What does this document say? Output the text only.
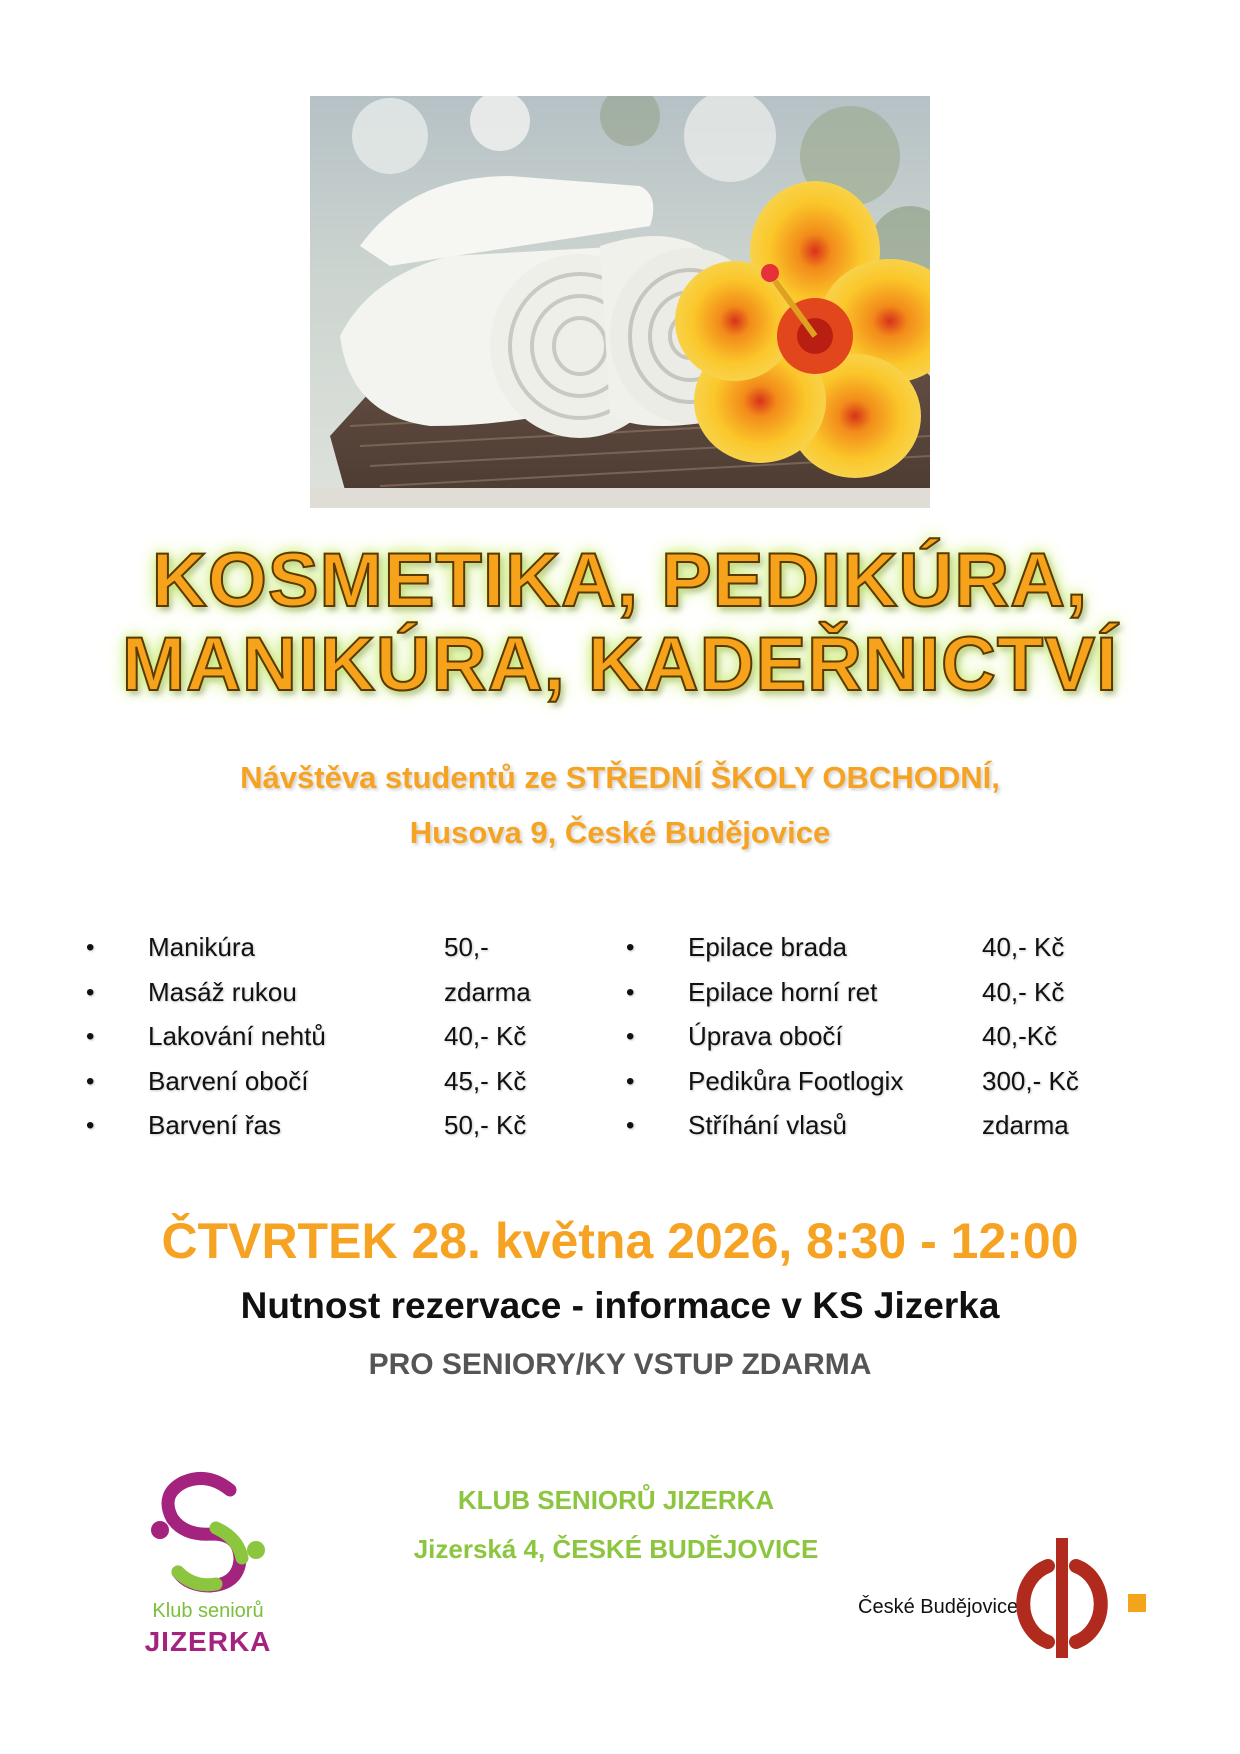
KOSMETIKA, PEDIKÚRA,
MANIKÚRA, KADEŘNICTVÍ
Návštěva studentů ze STŘEDNÍ ŠKOLY OBCHODNÍ,
Husova 9, České Budějovice
• Manikúra	50,-
• Masáž rukou	zdarma
• Lakování nehtů	40,- Kč
• Barvení obočí	45,- Kč
• Barvení řas	50,- Kč
• Epilace brada	40,- Kč
• Epilace horní ret	40,- Kč
• Úprava obočí	40,-Kč
• Pedikůra Footlogix	300,- Kč
• Stříhání vlasů	zdarma
ČTVRTEK 28. května 2026, 8:30 - 12:00
Nutnost rezervace - informace v KS Jizerka
PRO SENIORY/KY VSTUP ZDARMA
KLUB SENIORŮ JIZERKA
Jizerská 4, ČESKÉ BUDĚJOVICE
Klub seniorů
JIZERKA
České Budějovice
